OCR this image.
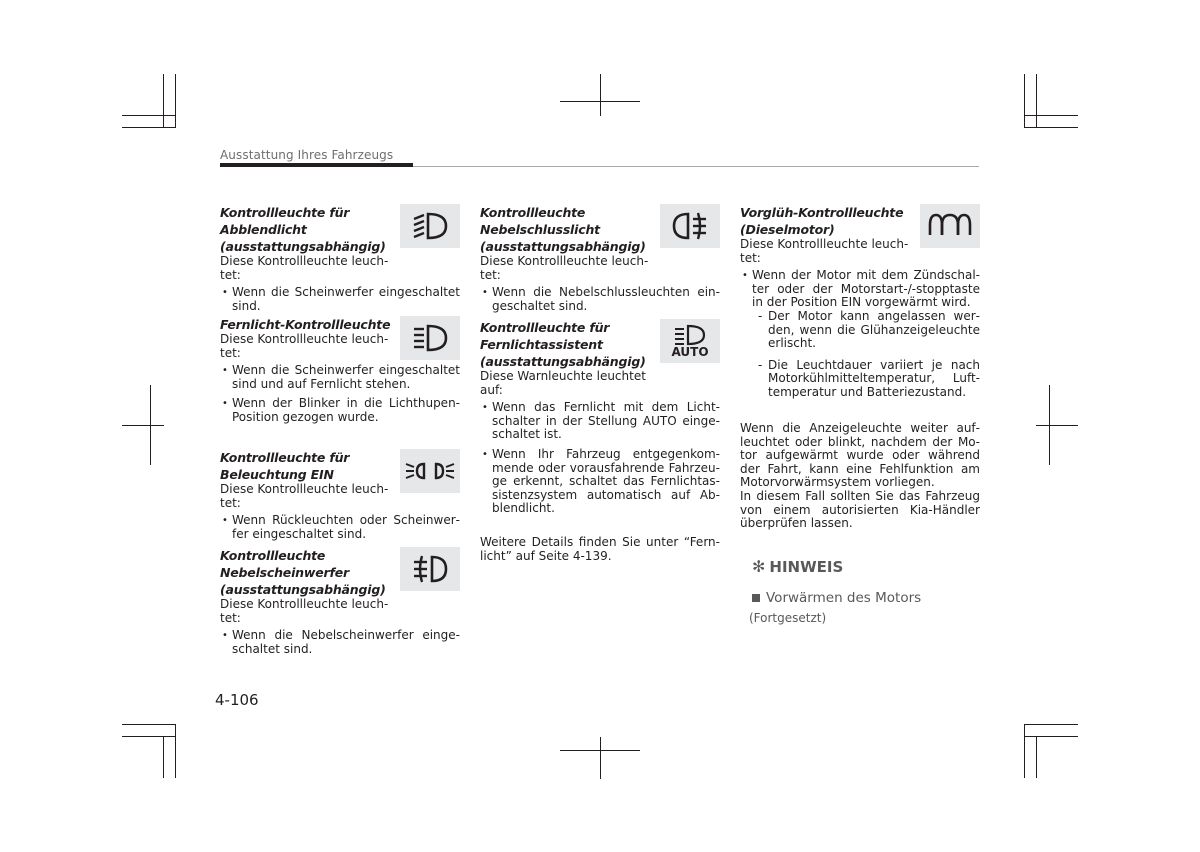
Ausstattung Ihres Fahrzeugs
Kontrollleuchte für Abblendlicht (ausstattungsabhängig)

Diese Kontrollleuchte leuchtet:

• Wenn die Scheinwerfer eingeschaltet sind.
Fernlicht-Kontrollleuchte

Diese Kontrollleuchte leuchtet:

• Wenn die Scheinwerfer eingeschaltet sind und auf Fernlicht stehen.
• Wenn der Blinker in die Lichthupen-Position gezogen wurde.
Kontrollleuchte für Beleuchtung EIN

Diese Kontrollleuchte leuchtet:

• Wenn Rückleuchten oder Scheinwerfer eingeschaltet sind.
Kontrollleuchte Nebelscheinwerfer (ausstattungsabhängig)

Diese Kontrollleuchte leuchtet:

• Wenn die Nebelscheinwerfer eingeschaltet sind.
Kontrollleuchte Nebelschlusslicht (ausstattungsabhängig)

Diese Kontrollleuchte leuchtet:

• Wenn die Nebelschlussleuchten eingeschaltet sind.
Kontrollleuchte für Fernlichtassistent (ausstattungsabhängig)

Diese Warnleuchte leuchtet auf:

• Wenn das Fernlicht mit dem Lichtschalter in der Stellung AUTO eingeschaltet ist.
• Wenn Ihr Fahrzeug entgegenkommende oder vorausfahrende Fahrzeuge erkennt, schaltet das Fernlichtassistenzsystem automatisch auf Abblendlicht.
AUTO

Weitere Details finden Sie unter “Fernlicht” auf Seite 4-139.

Vorglüh-Kontrollleuchte (Dieselmotor)

Diese Kontrollleuchte leuchtet:

• Wenn der Motor mit dem Zündschalter oder der Motorstart-/-stopptaste in der Position EIN vorgewärmt wird.
- Der Motor kann angelassen werden, wenn die Glühanzeigeleuchte erlischt.
- Die Leuchtdauer variiert je nach Motorkühlmitteltemperatur, Lufttemperatur und Batteriezustand.

Wenn die Anzeigeleuchte weiter aufleuchtet oder blinkt, nachdem der Motor aufgewärmt wurde oder während der Fahrt, kann eine Fehlfunktion am Motorvorwärmsystem vorliegen.

In diesem Fall sollten Sie das Fahrzeug von einem autorisierten Kia-Händler überprüfen lassen.

✻ HINWEIS
Vorwärmen des Motors
(Fortgesetzt)
4-106
